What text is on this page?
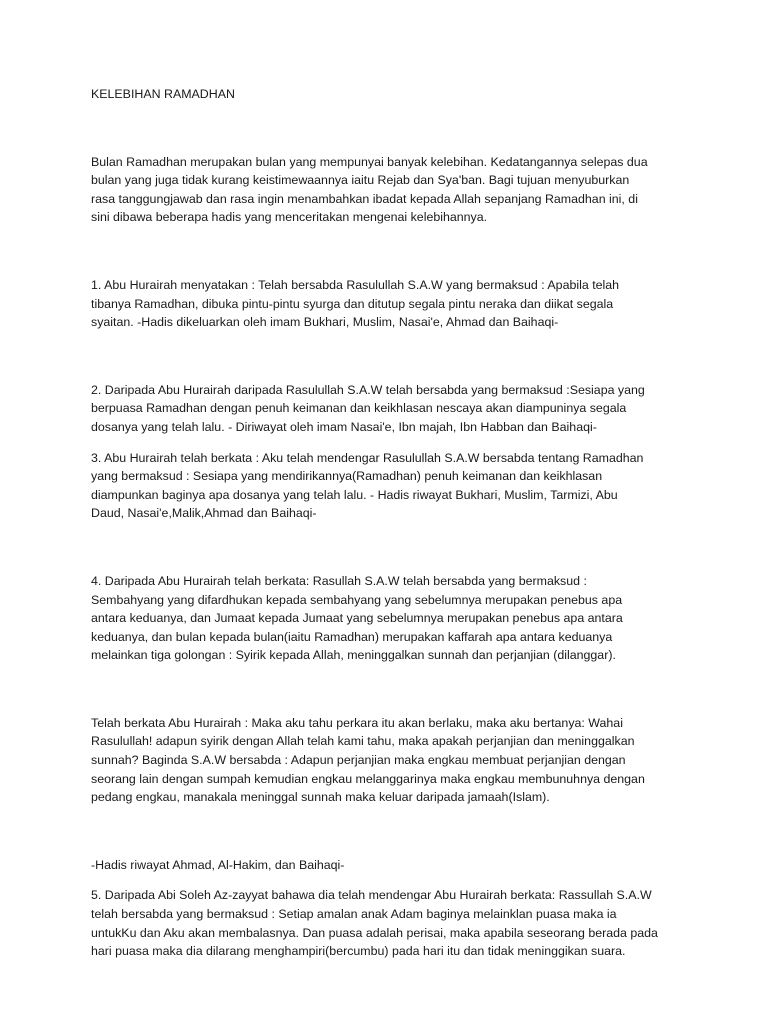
KELEBIHAN RAMADHAN
Bulan Ramadhan merupakan bulan yang mempunyai banyak kelebihan. Kedatangannya selepas dua
bulan yang juga tidak kurang keistimewaannya iaitu Rejab dan Sya'ban. Bagi tujuan menyuburkan
rasa tanggungjawab dan rasa ingin menambahkan ibadat kepada Allah sepanjang Ramadhan ini, di
sini dibawa beberapa hadis yang menceritakan mengenai kelebihannya.
1. Abu Hurairah menyatakan : Telah bersabda Rasulullah S.A.W yang bermaksud : Apabila telah
tibanya Ramadhan, dibuka pintu-pintu syurga dan ditutup segala pintu neraka dan diikat segala
syaitan. -Hadis dikeluarkan oleh imam Bukhari, Muslim, Nasai'e, Ahmad dan Baihaqi-
2. Daripada Abu Hurairah daripada Rasulullah S.A.W telah bersabda yang bermaksud :Sesiapa yang
berpuasa Ramadhan dengan penuh keimanan dan keikhlasan nescaya akan diampuninya segala
dosanya yang telah lalu. - Diriwayat oleh imam Nasai'e, Ibn majah, Ibn Habban dan Baihaqi-
3. Abu Hurairah telah berkata : Aku telah mendengar Rasulullah S.A.W bersabda tentang Ramadhan
yang bermaksud : Sesiapa yang mendirikannya(Ramadhan) penuh keimanan dan keikhlasan
diampunkan baginya apa dosanya yang telah lalu. - Hadis riwayat Bukhari, Muslim, Tarmizi, Abu
Daud, Nasai'e,Malik,Ahmad dan Baihaqi-
4. Daripada Abu Hurairah telah berkata: Rasullah S.A.W telah bersabda yang bermaksud :
Sembahyang yang difardhukan kepada sembahyang yang sebelumnya merupakan penebus apa
antara keduanya, dan Jumaat kepada Jumaat yang sebelumnya merupakan penebus apa antara
keduanya, dan bulan kepada bulan(iaitu Ramadhan) merupakan kaffarah apa antara keduanya
melainkan tiga golongan : Syirik kepada Allah, meninggalkan sunnah dan perjanjian (dilanggar).
Telah berkata Abu Hurairah : Maka aku tahu perkara itu akan berlaku, maka aku bertanya: Wahai
Rasulullah! adapun syirik dengan Allah telah kami tahu, maka apakah perjanjian dan meninggalkan
sunnah? Baginda S.A.W bersabda : Adapun perjanjian maka engkau membuat perjanjian dengan
seorang lain dengan sumpah kemudian engkau melanggarinya maka engkau membunuhnya dengan
pedang engkau, manakala meninggal sunnah maka keluar daripada jamaah(Islam).
-Hadis riwayat Ahmad, Al-Hakim, dan Baihaqi-
5. Daripada Abi Soleh Az-zayyat bahawa dia telah mendengar Abu Hurairah berkata: Rassullah S.A.W
telah bersabda yang bermaksud : Setiap amalan anak Adam baginya melainklan puasa maka ia
untukKu dan Aku akan membalasnya. Dan puasa adalah perisai, maka apabila seseorang berada pada
hari puasa maka dia dilarang menghampiri(bercumbu) pada hari itu dan tidak meninggikan suara.
